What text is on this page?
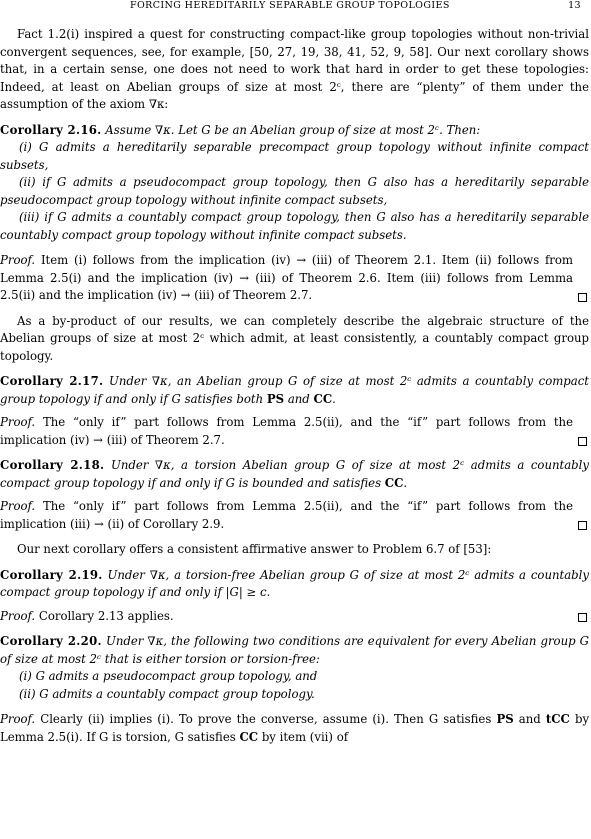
FORCING HEREDITARILY SEPARABLE GROUP TOPOLOGIES	13

Fact 1.2(i) inspired a quest for constructing compact-like group topologies without non-trivial convergent sequences, see, for example, [50, 27, 19, 38, 41, 52, 9, 58]. Our next corollary shows that, in a certain sense, one does not need to work that hard in order to get these topologies: Indeed, at least on Abelian groups of size at most 2ᶜ, there are “plenty” of them under the assumption of the axiom ∇κ:

Corollary 2.16. Assume ∇κ. Let G be an Abelian group of size at most 2ᶜ. Then:

(i) G admits a hereditarily separable precompact group topology without infinite compact subsets,

(ii) if G admits a pseudocompact group topology, then G also has a hereditarily separable pseudocompact group topology without infinite compact subsets,

(iii) if G admits a countably compact group topology, then G also has a hereditarily separable countably compact group topology without infinite compact subsets.

Proof. Item (i) follows from the implication (iv) → (iii) of Theorem 2.1. Item (ii) follows from Lemma 2.5(i) and the implication (iv) → (iii) of Theorem 2.6. Item (iii) follows from Lemma 2.5(ii) and the implication (iv) → (iii) of Theorem 2.7.

As a by-product of our results, we can completely describe the algebraic structure of the Abelian groups of size at most 2ᶜ which admit, at least consistently, a countably compact group topology.

Corollary 2.17. Under ∇κ, an Abelian group G of size at most 2ᶜ admits a countably compact group topology if and only if G satisfies both PS and CC.

Proof. The “only if” part follows from Lemma 2.5(ii), and the “if” part follows from the implication (iv) → (iii) of Theorem 2.7.

Corollary 2.18. Under ∇κ, a torsion Abelian group G of size at most 2ᶜ admits a countably compact group topology if and only if G is bounded and satisfies CC.

Proof. The “only if” part follows from Lemma 2.5(ii), and the “if” part follows from the implication (iii) → (ii) of Corollary 2.9.

Our next corollary offers a consistent affirmative answer to Problem 6.7 of [53]:

Corollary 2.19. Under ∇κ, a torsion-free Abelian group G of size at most 2ᶜ admits a countably compact group topology if and only if |G| ≥ ᴄ.

Proof. Corollary 2.13 applies.

Corollary 2.20. Under ∇κ, the following two conditions are equivalent for every Abelian group G of size at most 2ᶜ that is either torsion or torsion-free:

(i) G admits a pseudocompact group topology, and

(ii) G admits a countably compact group topology.

Proof. Clearly (ii) implies (i). To prove the converse, assume (i). Then G satisfies PS and tCC by Lemma 2.5(i). If G is torsion, G satisfies CC by item (vii) of
